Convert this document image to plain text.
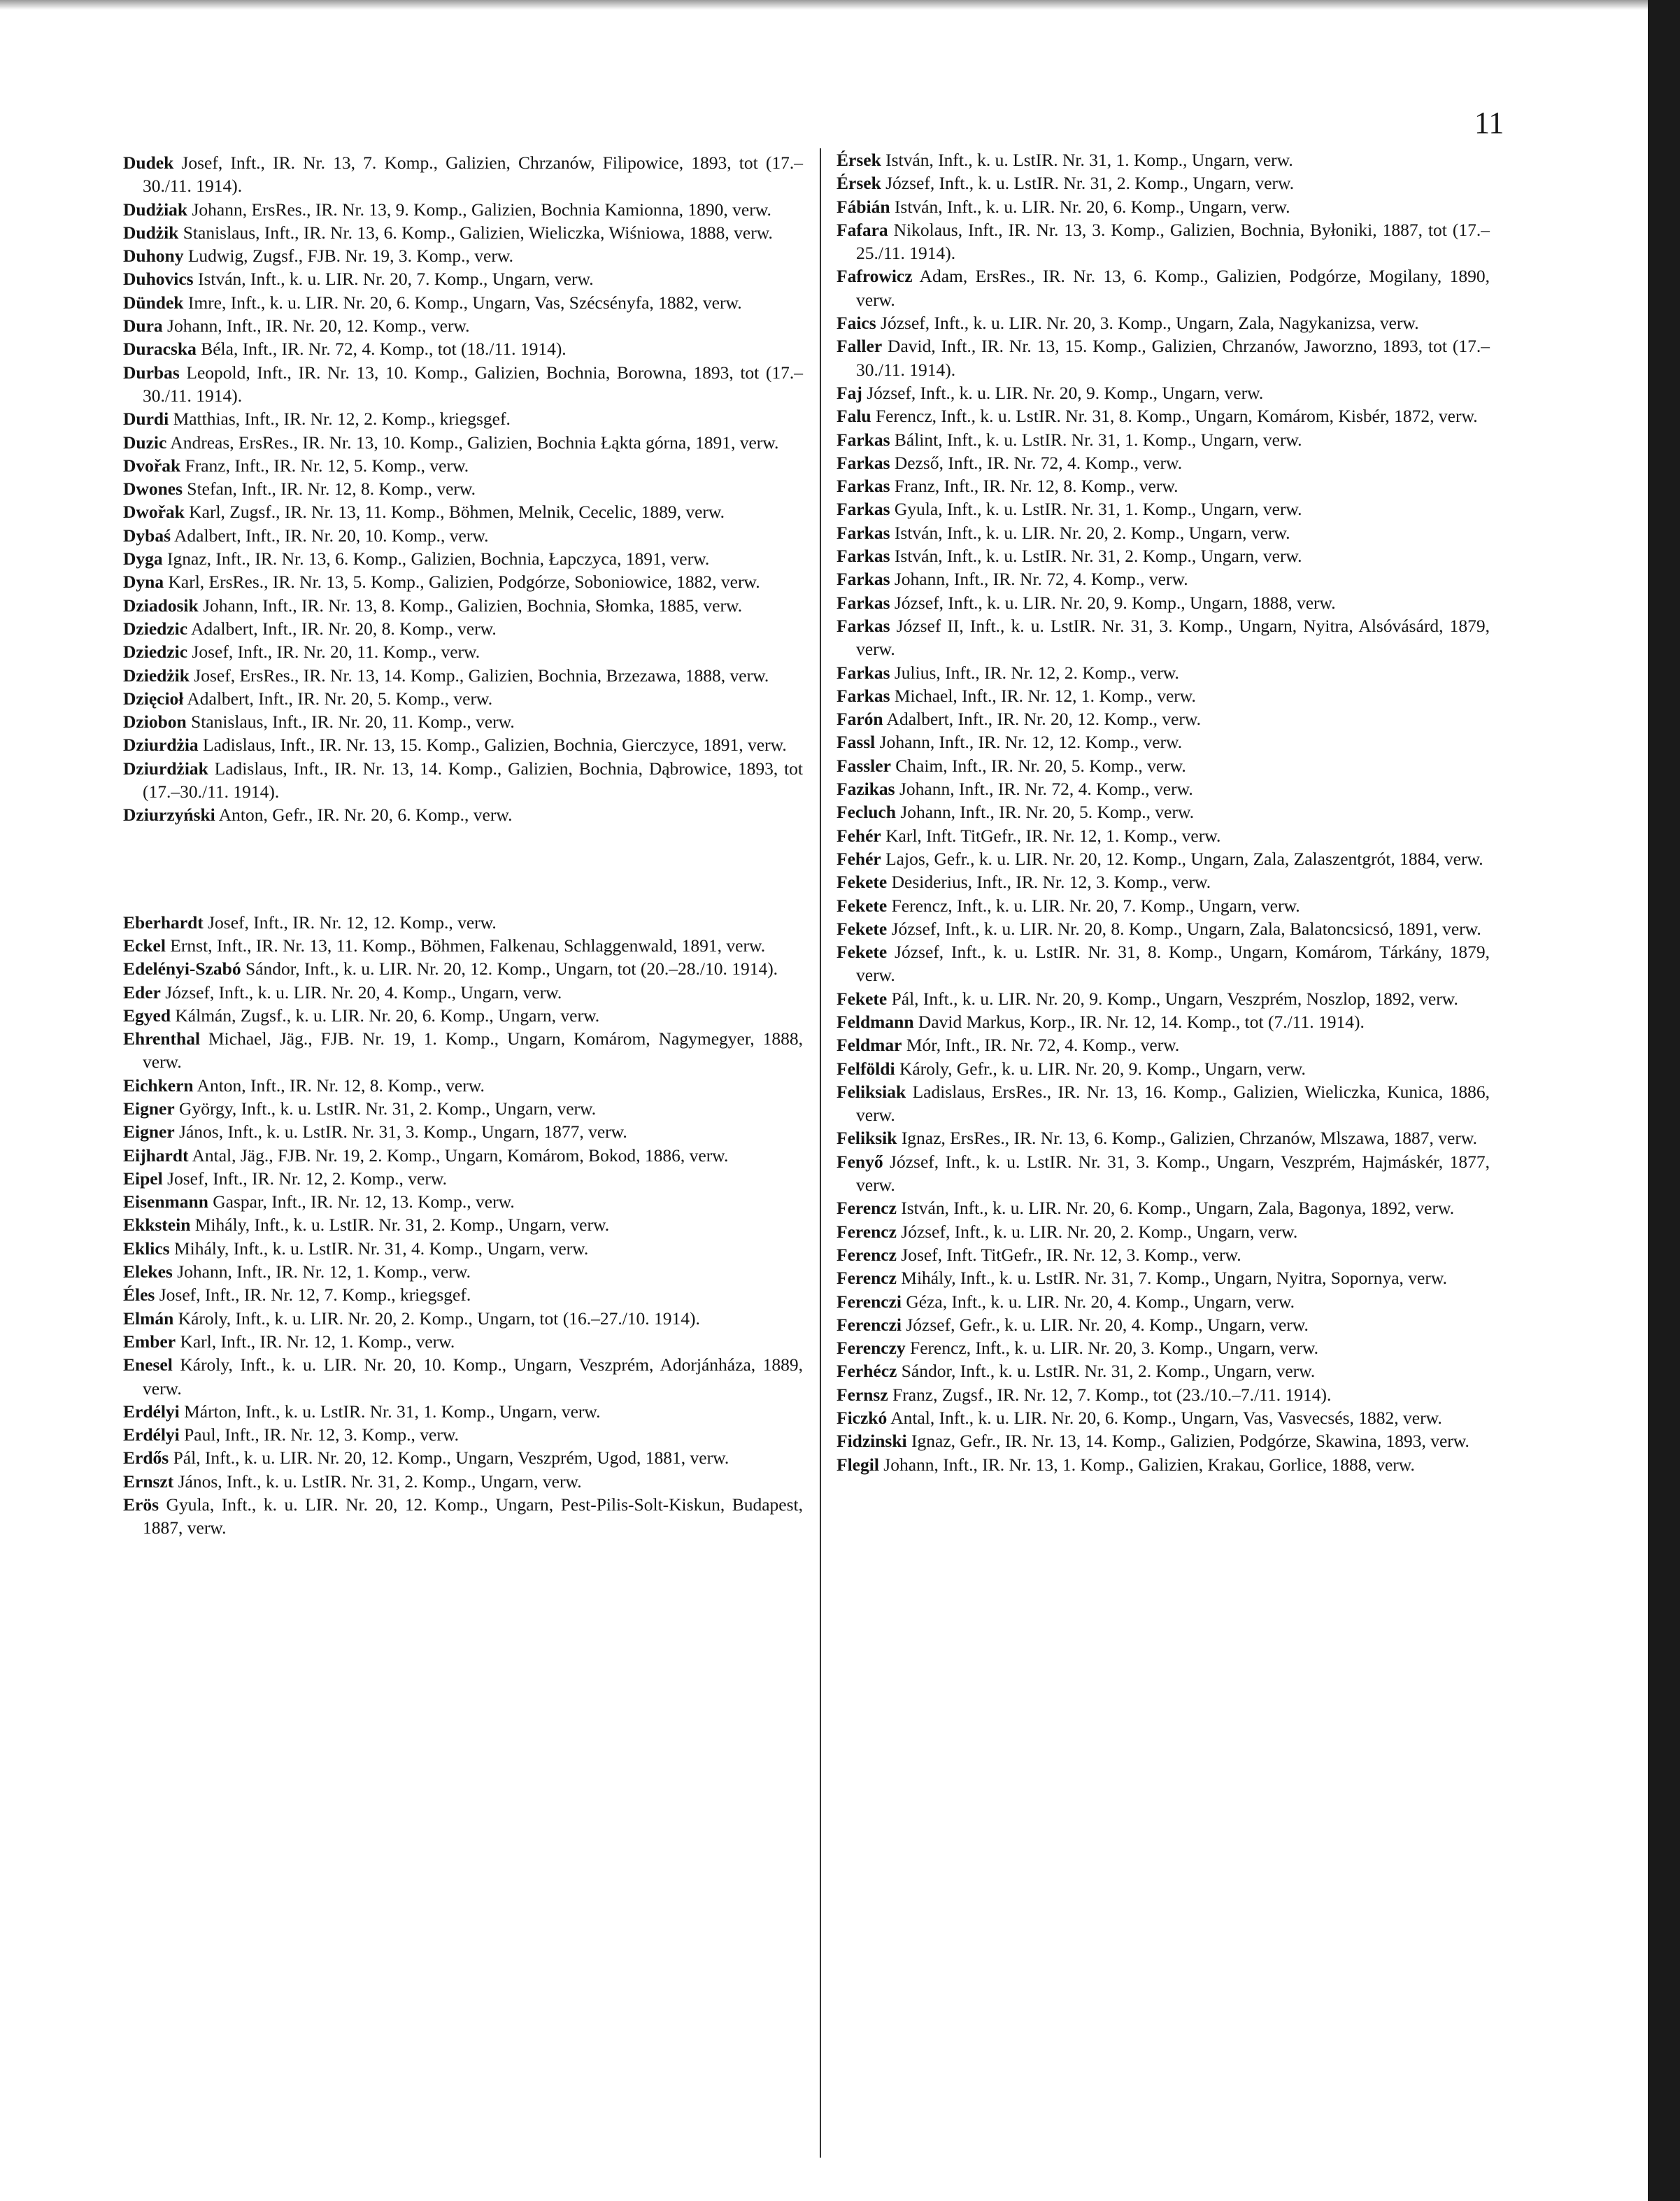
11

Dudek Josef, Inft., IR. Nr. 13, 7. Komp., Galizien, Chrzanów, Filipowice, 1893, tot (17.–30./11. 1914).

Dudżiak Johann, ErsRes., IR. Nr. 13, 9. Komp., Galizien, Bochnia Kamionna, 1890, verw.

Dudżik Stanislaus, Inft., IR. Nr. 13, 6. Komp., Galizien, Wieliczka, Wiśniowa, 1888, verw.

Duhony Ludwig, Zugsf., FJB. Nr. 19, 3. Komp., verw.

Duhovics István, Inft., k. u. LIR. Nr. 20, 7. Komp., Ungarn, verw.

Dündek Imre, Inft., k. u. LIR. Nr. 20, 6. Komp., Ungarn, Vas, Szécsényfa, 1882, verw.

Dura Johann, Inft., IR. Nr. 20, 12. Komp., verw.

Duracska Béla, Inft., IR. Nr. 72, 4. Komp., tot (18./11. 1914).

Durbas Leopold, Inft., IR. Nr. 13, 10. Komp., Galizien, Bochnia, Borowna, 1893, tot (17.–30./11. 1914).

Durdi Matthias, Inft., IR. Nr. 12, 2. Komp., kriegsgef.

Duzic Andreas, ErsRes., IR. Nr. 13, 10. Komp., Galizien, Bochnia Łąkta górna, 1891, verw.

Dvořak Franz, Inft., IR. Nr. 12, 5. Komp., verw.

Dwones Stefan, Inft., IR. Nr. 12, 8. Komp., verw.

Dwořak Karl, Zugsf., IR. Nr. 13, 11. Komp., Böhmen, Melnik, Cecelic, 1889, verw.

Dybaś Adalbert, Inft., IR. Nr. 20, 10. Komp., verw.

Dyga Ignaz, Inft., IR. Nr. 13, 6. Komp., Galizien, Bochnia, Łapczyca, 1891, verw.

Dyna Karl, ErsRes., IR. Nr. 13, 5. Komp., Galizien, Podgórze, Soboniowice, 1882, verw.

Dziadosik Johann, Inft., IR. Nr. 13, 8. Komp., Galizien, Bochnia, Słomka, 1885, verw.

Dziedzic Adalbert, Inft., IR. Nr. 20, 8. Komp., verw.

Dziedzic Josef, Inft., IR. Nr. 20, 11. Komp., verw.

Dziedżik Josef, ErsRes., IR. Nr. 13, 14. Komp., Galizien, Bochnia, Brzezawa, 1888, verw.

Dzięcioł Adalbert, Inft., IR. Nr. 20, 5. Komp., verw.

Dziobon Stanislaus, Inft., IR. Nr. 20, 11. Komp., verw.

Dziurdżia Ladislaus, Inft., IR. Nr. 13, 15. Komp., Galizien, Bochnia, Gierczyce, 1891, verw.

Dziurdżiak Ladislaus, Inft., IR. Nr. 13, 14. Komp., Galizien, Bochnia, Dąbrowice, 1893, tot (17.–30./11. 1914).

Dziurzyński Anton, Gefr., IR. Nr. 20, 6. Komp., verw.

Eberhardt Josef, Inft., IR. Nr. 12, 12. Komp., verw.

Eckel Ernst, Inft., IR. Nr. 13, 11. Komp., Böhmen, Falkenau, Schlaggenwald, 1891, verw.

Edelényi-Szabó Sándor, Inft., k. u. LIR. Nr. 20, 12. Komp., Ungarn, tot (20.–28./10. 1914).

Eder József, Inft., k. u. LIR. Nr. 20, 4. Komp., Ungarn, verw.

Egyed Kálmán, Zugsf., k. u. LIR. Nr. 20, 6. Komp., Ungarn, verw.

Ehrenthal Michael, Jäg., FJB. Nr. 19, 1. Komp., Ungarn, Komárom, Nagymegyer, 1888, verw.

Eichkern Anton, Inft., IR. Nr. 12, 8. Komp., verw.

Eigner György, Inft., k. u. LstIR. Nr. 31, 2. Komp., Ungarn, verw.

Eigner János, Inft., k. u. LstIR. Nr. 31, 3. Komp., Ungarn, 1877, verw.

Eijhardt Antal, Jäg., FJB. Nr. 19, 2. Komp., Ungarn, Komárom, Bokod, 1886, verw.

Eipel Josef, Inft., IR. Nr. 12, 2. Komp., verw.

Eisenmann Gaspar, Inft., IR. Nr. 12, 13. Komp., verw.

Ekkstein Mihály, Inft., k. u. LstIR. Nr. 31, 2. Komp., Ungarn, verw.

Eklics Mihály, Inft., k. u. LstIR. Nr. 31, 4. Komp., Ungarn, verw.

Elekes Johann, Inft., IR. Nr. 12, 1. Komp., verw.

Éles Josef, Inft., IR. Nr. 12, 7. Komp., kriegsgef.

Elmán Károly, Inft., k. u. LIR. Nr. 20, 2. Komp., Ungarn, tot (16.–27./10. 1914).

Ember Karl, Inft., IR. Nr. 12, 1. Komp., verw.

Enesel Károly, Inft., k. u. LIR. Nr. 20, 10. Komp., Ungarn, Veszprém, Adorjánháza, 1889, verw.

Erdélyi Márton, Inft., k. u. LstIR. Nr. 31, 1. Komp., Ungarn, verw.

Erdélyi Paul, Inft., IR. Nr. 12, 3. Komp., verw.

Erdős Pál, Inft., k. u. LIR. Nr. 20, 12. Komp., Ungarn, Veszprém, Ugod, 1881, verw.

Ernszt János, Inft., k. u. LstIR. Nr. 31, 2. Komp., Ungarn, verw.

Erös Gyula, Inft., k. u. LIR. Nr. 20, 12. Komp., Ungarn, Pest-Pilis-Solt-Kiskun, Budapest, 1887, verw.

Érsek István, Inft., k. u. LstIR. Nr. 31, 1. Komp., Ungarn, verw.

Érsek József, Inft., k. u. LstIR. Nr. 31, 2. Komp., Ungarn, verw.

Fábián István, Inft., k. u. LIR. Nr. 20, 6. Komp., Ungarn, verw.

Fafara Nikolaus, Inft., IR. Nr. 13, 3. Komp., Galizien, Bochnia, Byłoniki, 1887, tot (17.–25./11. 1914).

Fafrowicz Adam, ErsRes., IR. Nr. 13, 6. Komp., Galizien, Podgórze, Mogilany, 1890, verw.

Faics József, Inft., k. u. LIR. Nr. 20, 3. Komp., Ungarn, Zala, Nagykanizsa, verw.

Faller David, Inft., IR. Nr. 13, 15. Komp., Galizien, Chrzanów, Jaworzno, 1893, tot (17.–30./11. 1914).

Faj József, Inft., k. u. LIR. Nr. 20, 9. Komp., Ungarn, verw.

Falu Ferencz, Inft., k. u. LstIR. Nr. 31, 8. Komp., Ungarn, Komárom, Kisbér, 1872, verw.

Farkas Bálint, Inft., k. u. LstIR. Nr. 31, 1. Komp., Ungarn, verw.

Farkas Dezső, Inft., IR. Nr. 72, 4. Komp., verw.

Farkas Franz, Inft., IR. Nr. 12, 8. Komp., verw.

Farkas Gyula, Inft., k. u. LstIR. Nr. 31, 1. Komp., Ungarn, verw.

Farkas István, Inft., k. u. LIR. Nr. 20, 2. Komp., Ungarn, verw.

Farkas István, Inft., k. u. LstIR. Nr. 31, 2. Komp., Ungarn, verw.

Farkas Johann, Inft., IR. Nr. 72, 4. Komp., verw.

Farkas József, Inft., k. u. LIR. Nr. 20, 9. Komp., Ungarn, 1888, verw.

Farkas József II, Inft., k. u. LstIR. Nr. 31, 3. Komp., Ungarn, Nyitra, Alsóvásárd, 1879, verw.

Farkas Julius, Inft., IR. Nr. 12, 2. Komp., verw.

Farkas Michael, Inft., IR. Nr. 12, 1. Komp., verw.

Farón Adalbert, Inft., IR. Nr. 20, 12. Komp., verw.

Fassl Johann, Inft., IR. Nr. 12, 12. Komp., verw.

Fassler Chaim, Inft., IR. Nr. 20, 5. Komp., verw.

Fazikas Johann, Inft., IR. Nr. 72, 4. Komp., verw.

Fecluch Johann, Inft., IR. Nr. 20, 5. Komp., verw.

Fehér Karl, Inft. TitGefr., IR. Nr. 12, 1. Komp., verw.

Fehér Lajos, Gefr., k. u. LIR. Nr. 20, 12. Komp., Ungarn, Zala, Zalaszentgrót, 1884, verw.

Fekete Desiderius, Inft., IR. Nr. 12, 3. Komp., verw.

Fekete Ferencz, Inft., k. u. LIR. Nr. 20, 7. Komp., Ungarn, verw.

Fekete József, Inft., k. u. LIR. Nr. 20, 8. Komp., Ungarn, Zala, Balatoncsicsó, 1891, verw.

Fekete József, Inft., k. u. LstIR. Nr. 31, 8. Komp., Ungarn, Komárom, Tárkány, 1879, verw.

Fekete Pál, Inft., k. u. LIR. Nr. 20, 9. Komp., Ungarn, Veszprém, Noszlop, 1892, verw.

Feldmann David Markus, Korp., IR. Nr. 12, 14. Komp., tot (7./11. 1914).

Feldmar Mór, Inft., IR. Nr. 72, 4. Komp., verw.

Felföldi Károly, Gefr., k. u. LIR. Nr. 20, 9. Komp., Ungarn, verw.

Feliksiak Ladislaus, ErsRes., IR. Nr. 13, 16. Komp., Galizien, Wieliczka, Kunica, 1886, verw.

Feliksik Ignaz, ErsRes., IR. Nr. 13, 6. Komp., Galizien, Chrzanów, Mlszawa, 1887, verw.

Fenyő József, Inft., k. u. LstIR. Nr. 31, 3. Komp., Ungarn, Veszprém, Hajmáskér, 1877, verw.

Ferencz István, Inft., k. u. LIR. Nr. 20, 6. Komp., Ungarn, Zala, Bagonya, 1892, verw.

Ferencz József, Inft., k. u. LIR. Nr. 20, 2. Komp., Ungarn, verw.

Ferencz Josef, Inft. TitGefr., IR. Nr. 12, 3. Komp., verw.

Ferencz Mihály, Inft., k. u. LstIR. Nr. 31, 7. Komp., Ungarn, Nyitra, Sopornya, verw.

Ferenczi Géza, Inft., k. u. LIR. Nr. 20, 4. Komp., Ungarn, verw.

Ferenczi József, Gefr., k. u. LIR. Nr. 20, 4. Komp., Ungarn, verw.

Ferenczy Ferencz, Inft., k. u. LIR. Nr. 20, 3. Komp., Ungarn, verw.

Ferhécz Sándor, Inft., k. u. LstIR. Nr. 31, 2. Komp., Ungarn, verw.

Fernsz Franz, Zugsf., IR. Nr. 12, 7. Komp., tot (23./10.–7./11. 1914).

Ficzkó Antal, Inft., k. u. LIR. Nr. 20, 6. Komp., Ungarn, Vas, Vasvecsés, 1882, verw.

Fidzinski Ignaz, Gefr., IR. Nr. 13, 14. Komp., Galizien, Podgórze, Skawina, 1893, verw.

Flegil Johann, Inft., IR. Nr. 13, 1. Komp., Galizien, Krakau, Gorlice, 1888, verw.
